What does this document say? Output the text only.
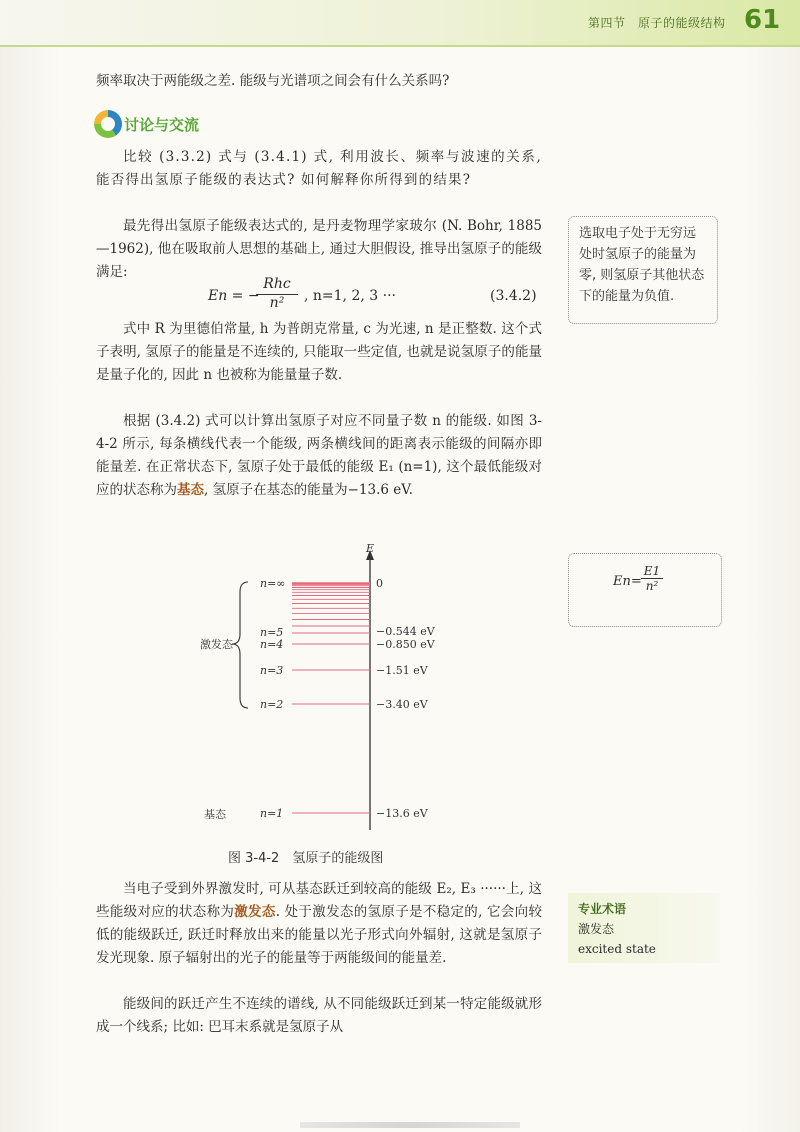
第四节　原子的能级结构 61
频率取决于两能级之差. 能级与光谱项之间会有什么关系吗?
讨论与交流
比较 (3.3.2) 式与 (3.4.1) 式, 利用波长、频率与波速的关系, 能否得出氢原子能级的表达式? 如何解释你所得到的结果?
最先得出氢原子能级表达式的, 是丹麦物理学家玻尔 (N. Bohr, 1885—1962), 他在吸取前人思想的基础上, 通过大胆假设, 推导出氢原子的能级满足:
En = −
Rhc
n²	, n=1, 2, 3 ···	(3.4.2)
式中 R 为里德伯常量, h 为普朗克常量, c 为光速, n 是正整数. 这个式子表明, 氢原子的能量是不连续的, 只能取一些定值, 也就是说氢原子的能量是量子化的, 因此 n 也被称为能量量子数.
根据 (3.4.2) 式可以计算出氢原子对应不同量子数 n 的能级. 如图 3-4-2 所示, 每条横线代表一个能级, 两条横线间的距离表示能级的间隔亦即能量差. 在正常状态下, 氢原子处于最低的能级 E₁ (n=1), 这个最低能级对应的状态称为基态, 氢原子在基态的能量为−13.6 eV.
选取电子处于无穷远处时氢原子的能量为零, 则氢原子其他状态下的能量为负值.
$En= \frac{E1}{\text{n²}}$
E
n=∞
n=5
n=4
n=3
n=2
n=1
0
−0.544 eV
−0.850 eV
−1.51 eV
−3.40 eV
−13.6 eV
激发态
基态
图 3-4-2　氢原子的能级图
当电子受到外界激发时, 可从基态跃迁到较高的能级 E₂, E₃ ······上, 这些能级对应的状态称为激发态. 处于激发态的氢原子是不稳定的, 它会向较低的能级跃迁, 跃迁时释放出来的能量以光子形式向外辐射, 这就是氢原子发光现象. 原子辐射出的光子的能量等于两能级间的能量差.
能级间的跃迁产生不连续的谱线, 从不同能级跃迁到某一特定能级就形成一个线系; 比如: 巴耳末系就是氢原子从
专业术语
激发态
excited state
